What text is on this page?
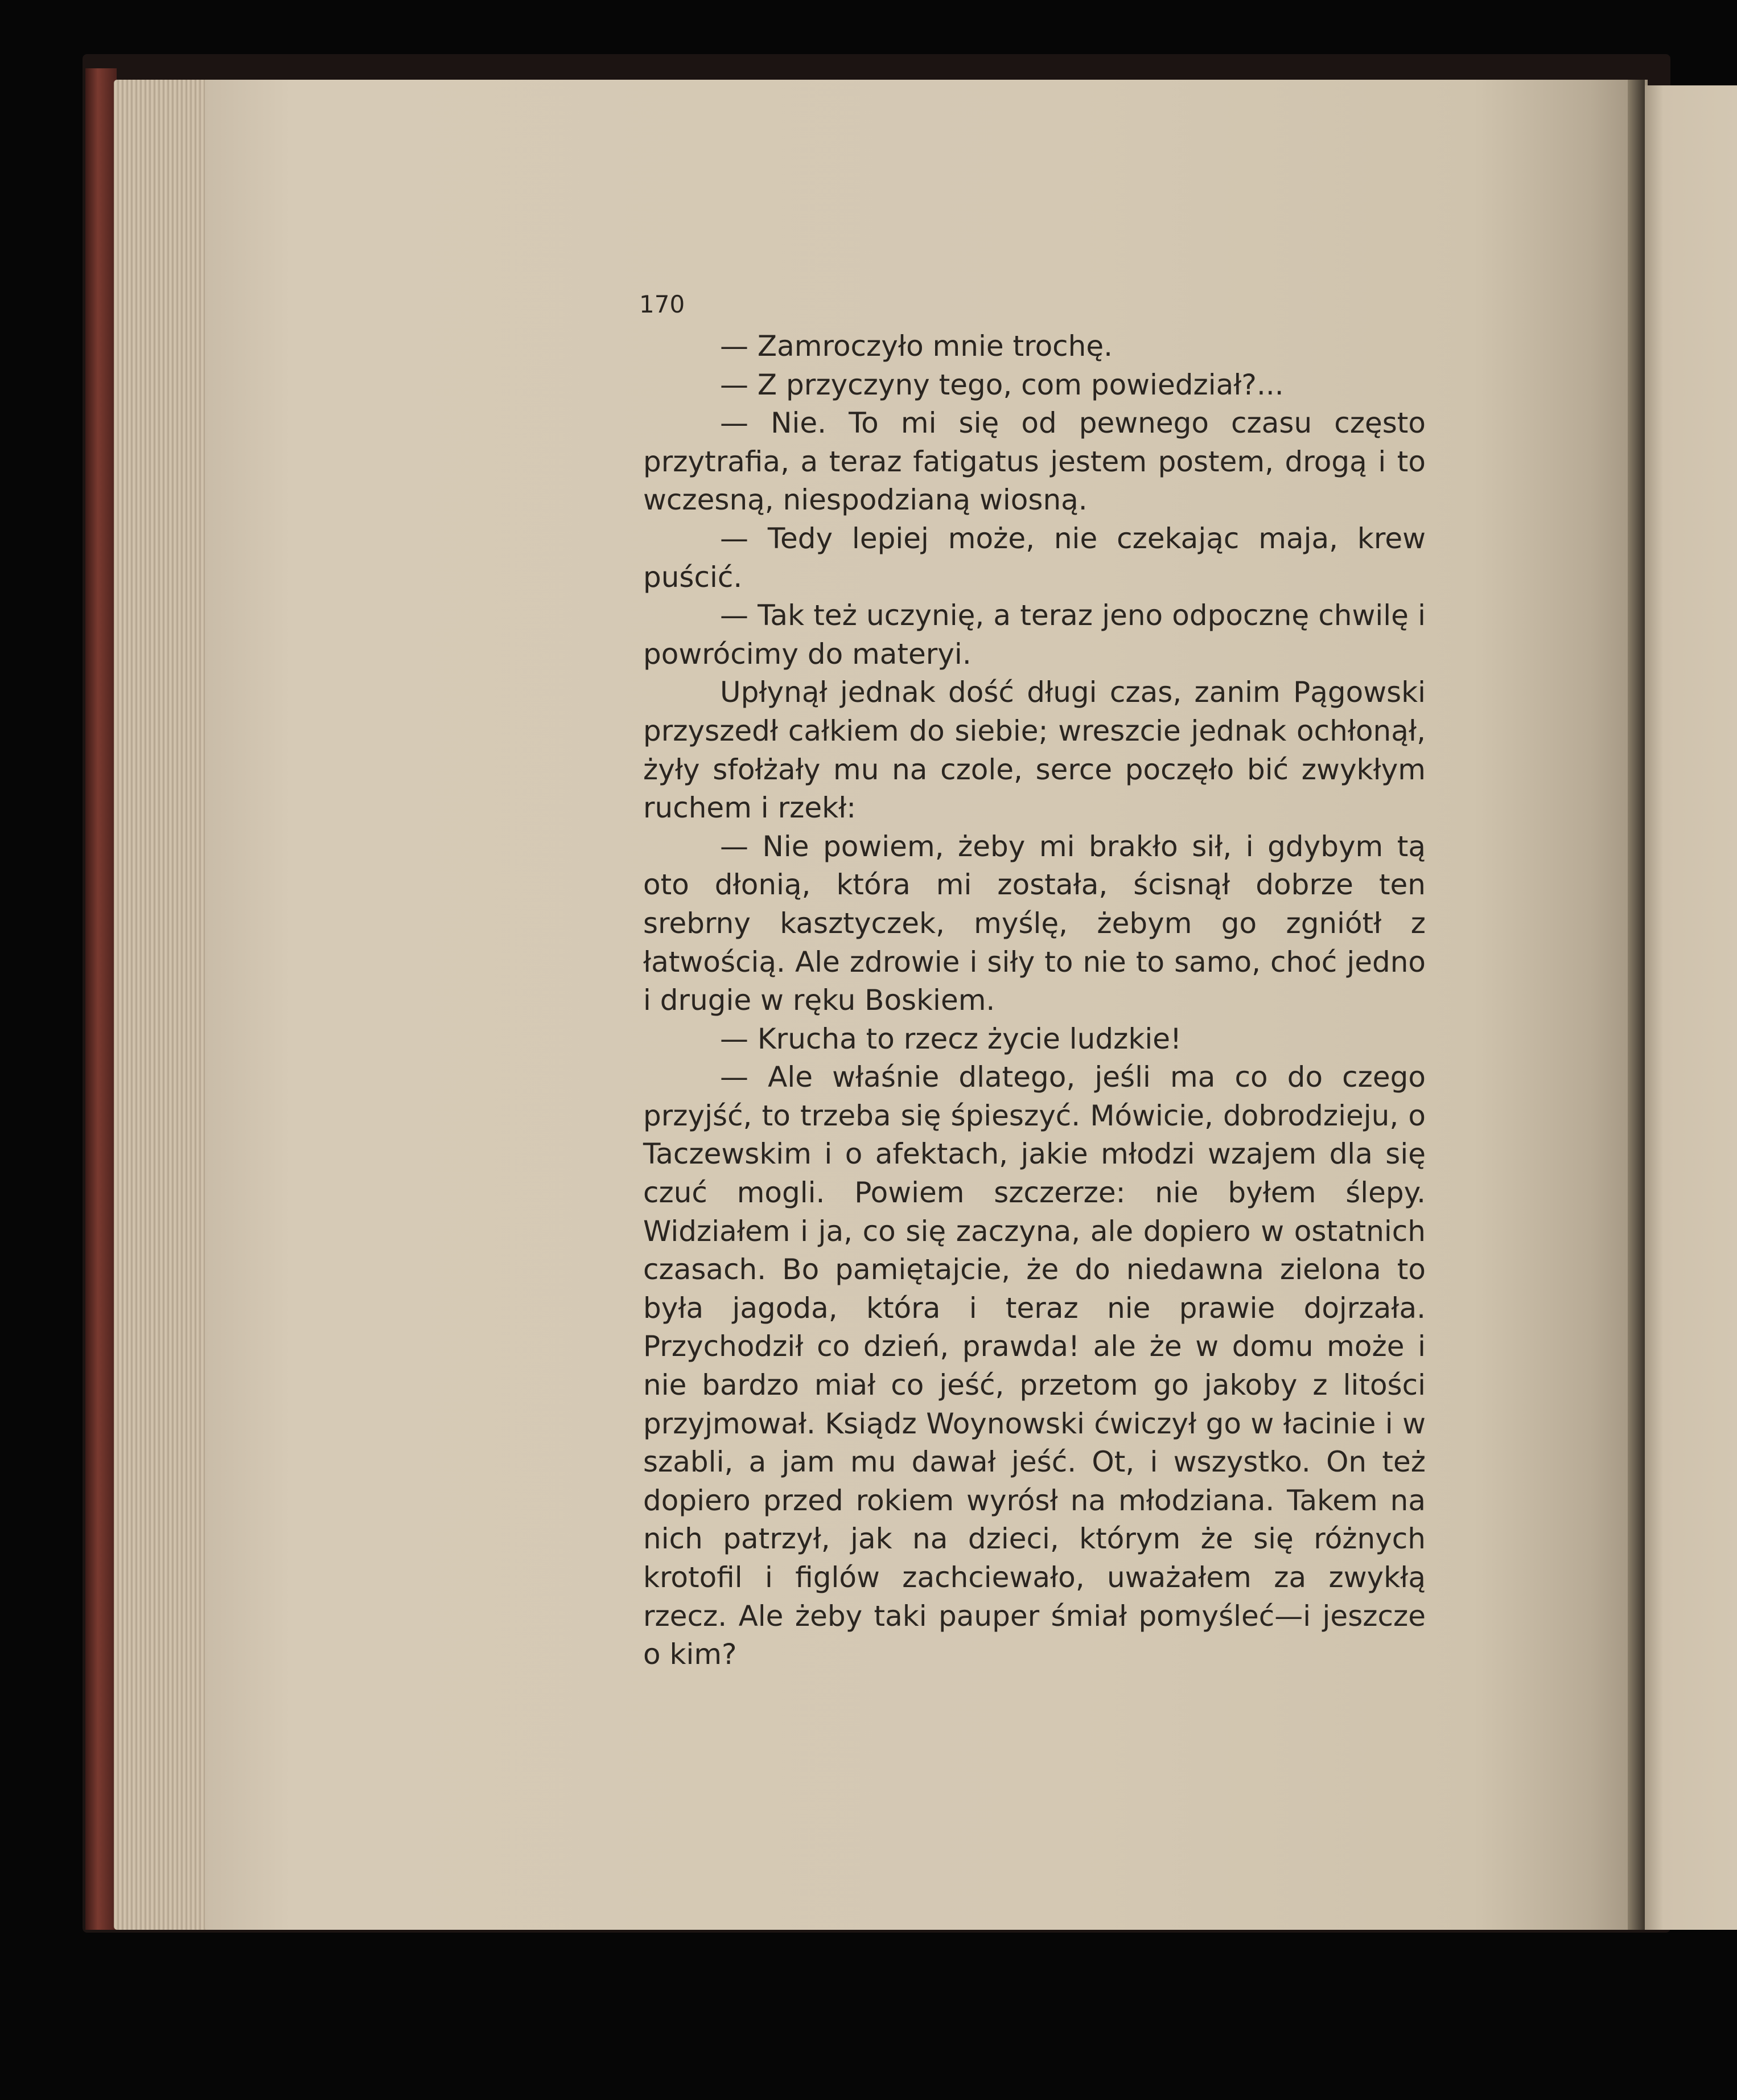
170

— Zamroczyło mnie trochę.

— Z przyczyny tego, com powiedział?...

— Nie. To mi się od pewnego czasu często przytrafia, a teraz fatigatus jestem postem, drogą i to wczesną, niespodzianą wiosną.

— Tedy lepiej może, nie czekając maja, krew puścić.

— Tak też uczynię, a teraz jeno odpocznę chwilę i powrócimy do materyi.

Upłynął jednak dość długi czas, zanim Pągowski przyszedł całkiem do siebie; wreszcie jednak ochłonął, żyły sfołżały mu na czole, serce poczęło bić zwykłym ruchem i rzekł:

— Nie powiem, żeby mi brakło sił, i gdybym tą oto dłonią, która mi została, ścisnął dobrze ten srebrny kasztyczek, myślę, żebym go zgniótł z łatwością. Ale zdrowie i siły to nie to samo, choć jedno i drugie w ręku Boskiem.

— Krucha to rzecz życie ludzkie!

— Ale właśnie dlatego, jeśli ma co do czego przyjść, to trzeba się śpieszyć. Mówicie, dobrodzieju, o Taczewskim i o afektach, jakie młodzi wzajem dla się czuć mogli. Powiem szczerze: nie byłem ślepy. Widziałem i ja, co się zaczyna, ale dopiero w ostatnich czasach. Bo pamiętajcie, że do niedawna zielona to była jagoda, która i teraz nie prawie dojrzała. Przychodził co dzień, prawda! ale że w domu może i nie bardzo miał co jeść, przetom go jakoby z litości przyjmował. Ksiądz Woynowski ćwiczył go w łacinie i w szabli, a jam mu dawał jeść. Ot, i wszystko. On też dopiero przed rokiem wyrósł na młodziana. Takem na nich patrzył, jak na dzieci, którym że się różnych krotofil i figlów zachciewało, uważałem za zwykłą rzecz. Ale żeby taki pauper śmiał pomyśleć—i jeszcze o kim?
